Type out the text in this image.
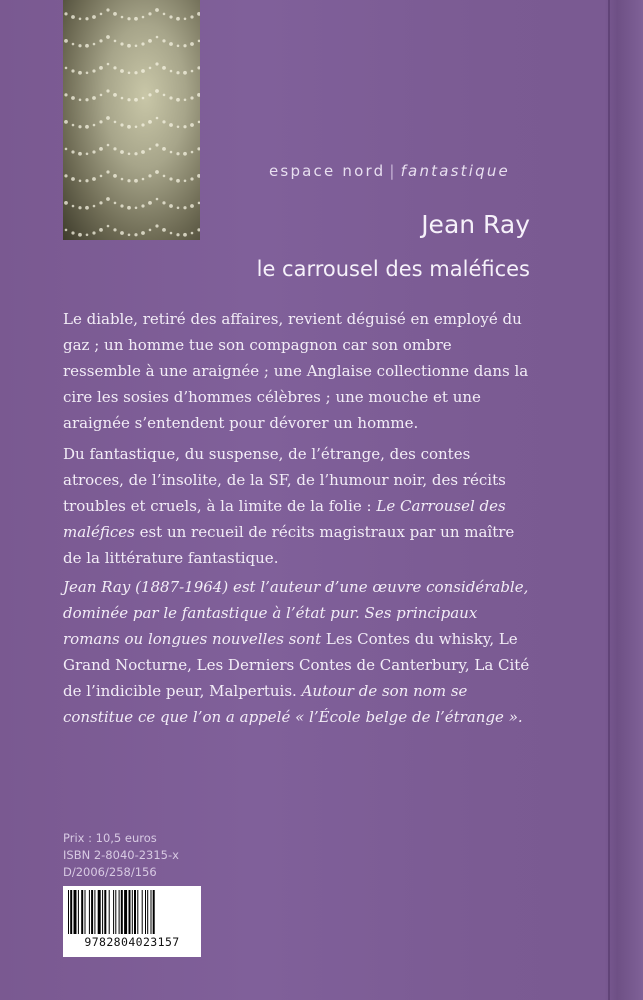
espace nord | fantastique
Jean Ray
le carrousel des maléfices

Le diable, retiré des affaires, revient déguisé en employé du gaz ; un homme tue son compagnon car son ombre ressemble à une araignée ; une Anglaise collectionne dans la cire les sosies d’hommes célèbres ; une mouche et une araignée s’entendent pour dévorer un homme.

Du fantastique, du suspense, de l’étrange, des contes atroces, de l’insolite, de la SF, de l’humour noir, des récits troubles et cruels, à la limite de la folie : Le Carrousel des maléfices est un recueil de récits magistraux par un maître de la littérature fantastique.

Jean Ray (1887-1964) est l’auteur d’une œuvre considérable, dominée par le fantastique à l’état pur. Ses principaux romans ou longues nouvelles sont Les Contes du whisky, Le Grand Nocturne, Les Derniers Contes de Canterbury, La Cité de l’indicible peur, Malpertuis. Autour de son nom se constitue ce que l’on a appelé « l’École belge de l’étrange ».

Prix : 10,5 euros
ISBN 2-8040-2315-x
D/2006/258/156
9782804023157
